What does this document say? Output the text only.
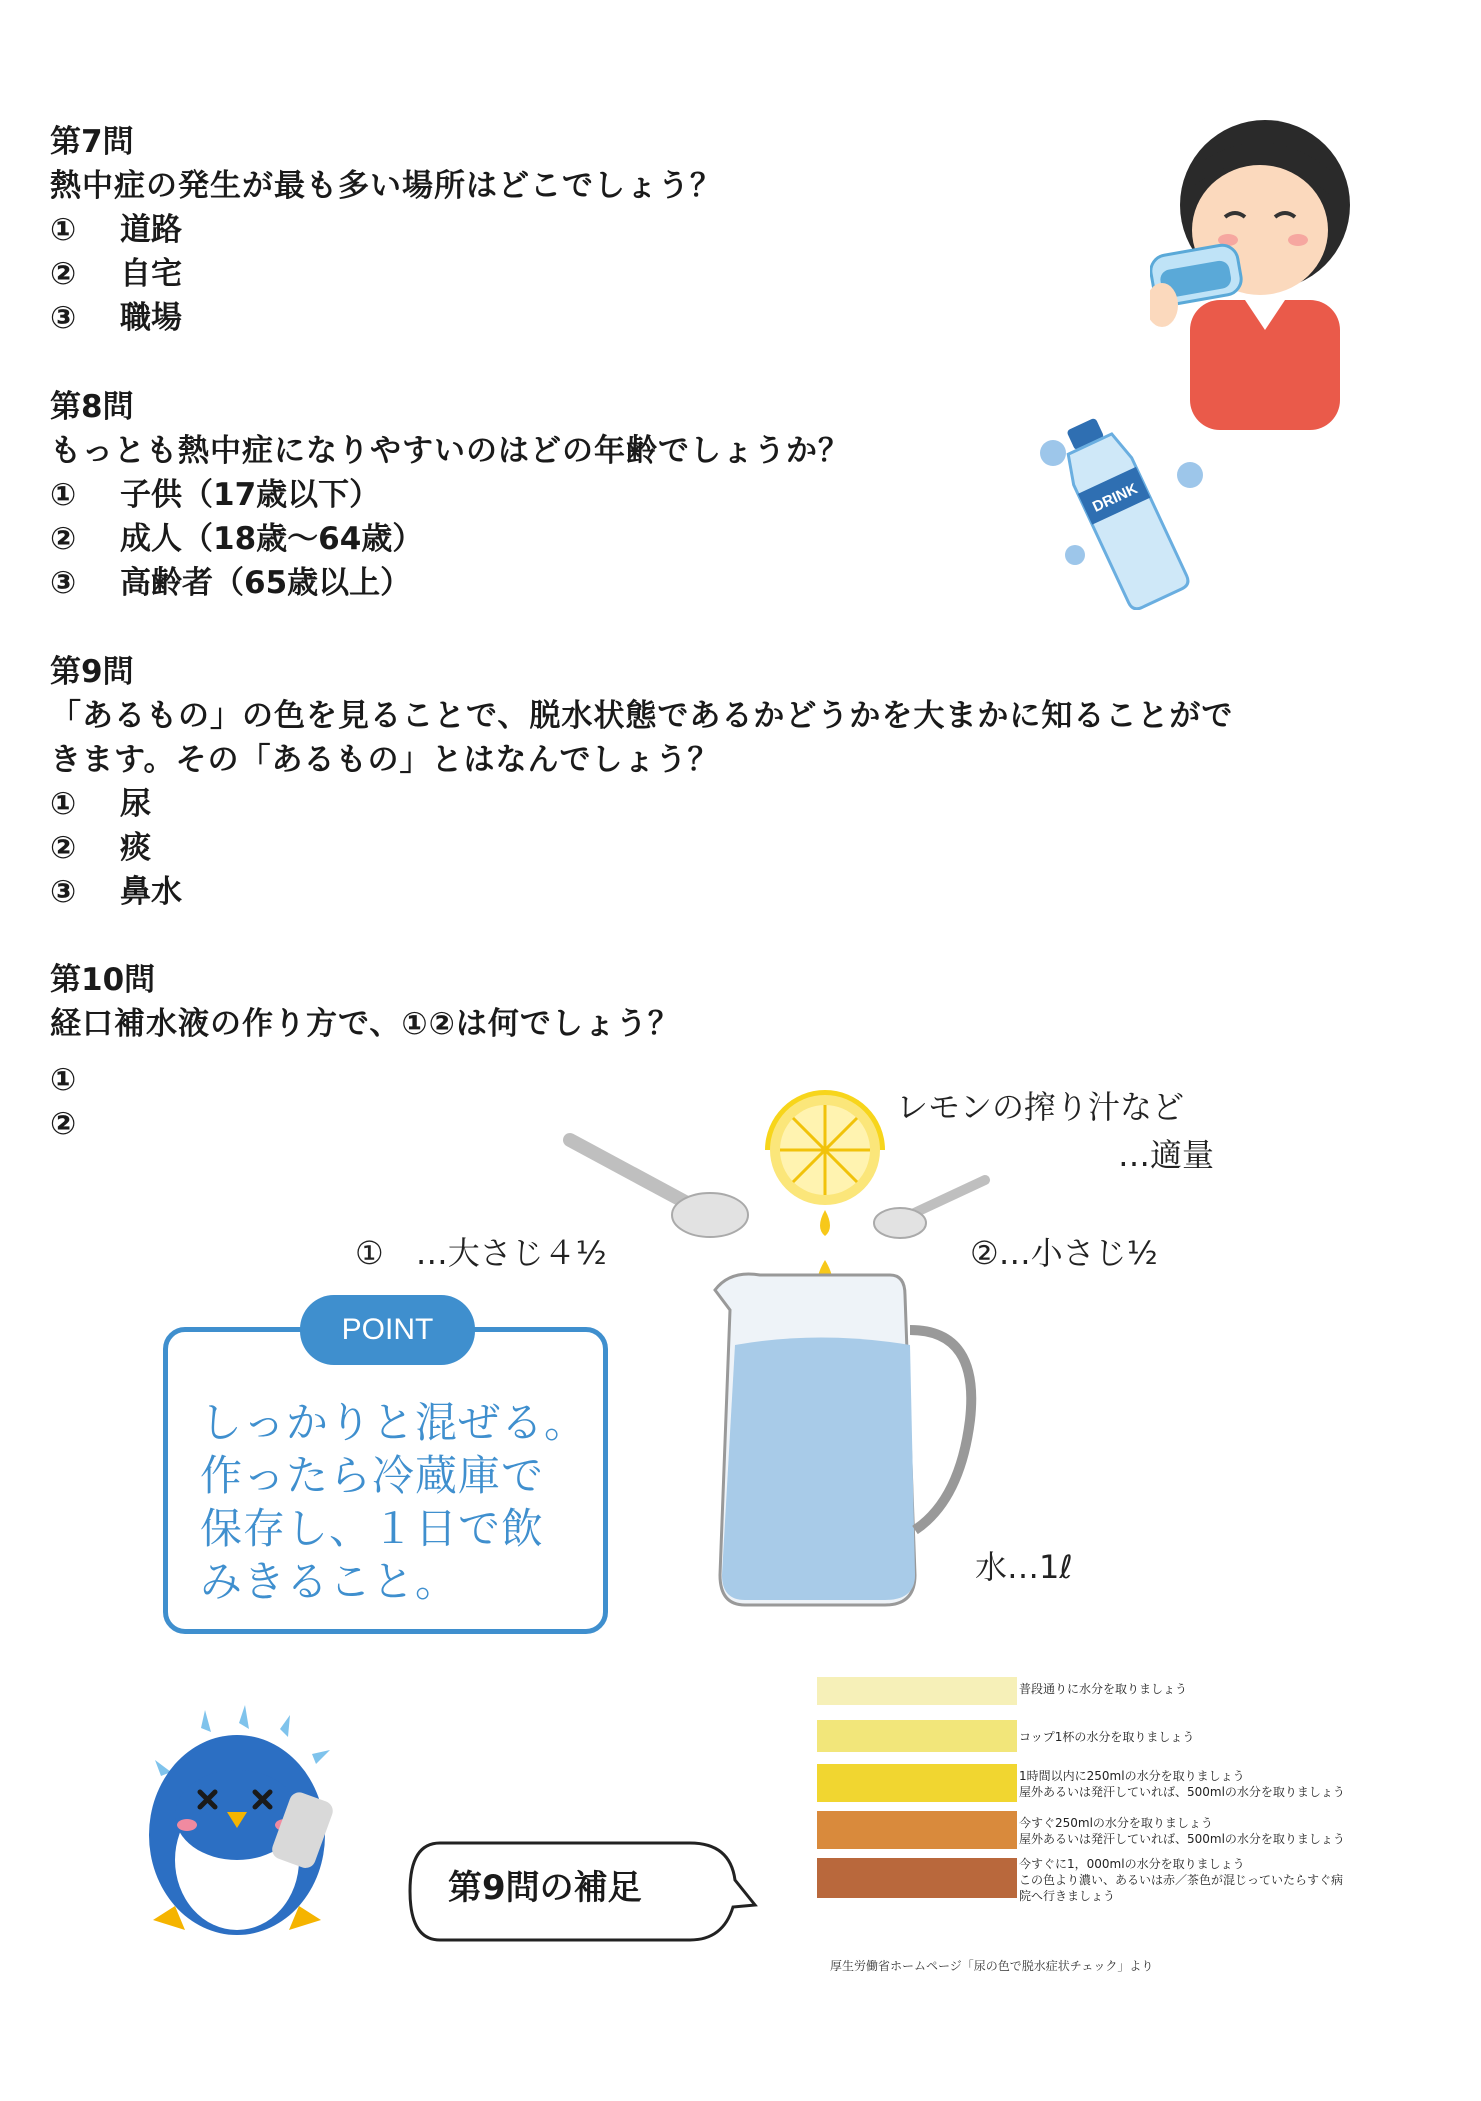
第7問
熱中症の発生が最も多い場所はどこでしょう？
① 道路
② 自宅
③ 職場
第8問
もっとも熱中症になりやすいのはどの年齢でしょうか？
① 子供（17歳以下）
② 成人（18歳〜64歳）
③ 高齢者（65歳以上）
第9問
「あるもの」の色を見ることで、脱水状態であるかどうかを大まかに知ることがで
きます。その「あるもの」とはなんでしょう？
① 尿
② 痰
③ 鼻水
第10問
経口補水液の作り方で、①②は何でしょう？
①
②
DRINK
レモンの搾り汁など
…適量
①　…大さじ４½	②…小さじ½
水…1ℓ
POINT
しっかりと混ぜる。
作ったら冷蔵庫で
保存し、１日で飲
みきること。
第9問の補足
普段通りに水分を取りましょう
コップ1杯の水分を取りましょう
1時間以内に250mlの水分を取りましょう
屋外あるいは発汗していれば、500mlの水分を取りましょう
今すぐ250mlの水分を取りましょう
屋外あるいは発汗していれば、500mlの水分を取りましょう
今すぐに1，000mlの水分を取りましょう
この色より濃い、あるいは赤／茶色が混じっていたらすぐ病
院へ行きましょう
厚生労働省ホームページ「尿の色で脱水症状チェック」より
